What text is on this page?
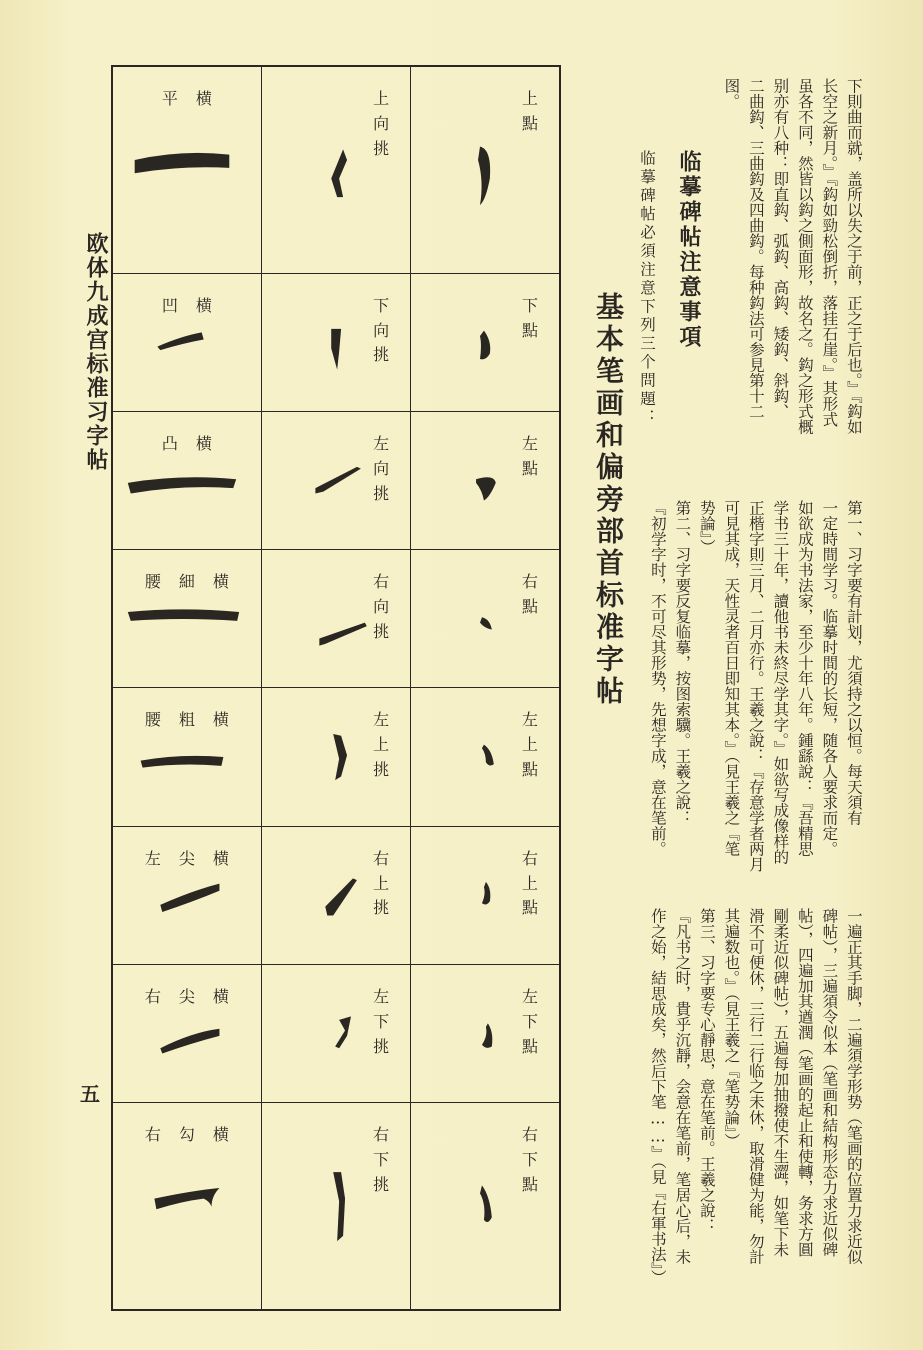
欧体九成宫标准习字帖
五
平横	上向挑	上點

凹横	下向挑	下點

凸横	左向挑	左點

腰細横	右向挑	右點

腰粗横	左上挑	左上點

左尖横	右上挑	右上點

右尖横	左下挑	左下點

右勾横	右下挑	右下點
基本笔画和偏旁部首标准字帖
临摹碑帖注意事項
临摹碑帖必須注意下列三个問題：	下則曲而就，盖所以失之于前，正之于后也。』『鈎如
长空之新月。』『鈎如勁松倒折，落挂石崖。』其形式
虽各不同，然皆以鈎之側面形，故名之。鈎之形式概
别亦有八种：即直鈎、弧鈎、高鈎、矮鈎、斜鈎、
二曲鈎、三曲鈎及四曲鈎。每种鈎法可参見第十二
图。
第一、习字要有計划，尤須持之以恒。每天須有
一定時間学习。临摹时間的长短，随各人要求而定。
如欲成为书法家，至少十年八年。鍾繇說：『吾精思
学书三十年，讀他书未終尽学其字。』如欲写成像样的
正楷字則三月、二月亦行。王羲之說：『存意学者两月
可見其成，天性灵者百日即知其本。』（見王羲之『笔
势論』）
第二、习字要反复临摹，按图索驥。王羲之說：
『初学字时，不可尽其形势，先想字成，意在笔前。
一遍正其手脚，二遍須学形势（笔画的位置力求近似
碑帖），三遍須令似本（笔画和結构形态力求近似碑
帖），四遍加其遒潤（笔画的起止和使轉，务求方圓
剛柔近似碑帖），五遍每加抽撥使不生澀，如笔下未
滑不可便休，三行二行临之未休，取滑健为能，勿計
其遍数也。』（見王羲之『笔势論』）
第三、习字要专心靜思，意在笔前。王羲之說：
『凡书之时，貴乎沉靜，会意在笔前，笔居心后，未
作之始，結思成矣，然后下笔……』（見『右軍书法』）
